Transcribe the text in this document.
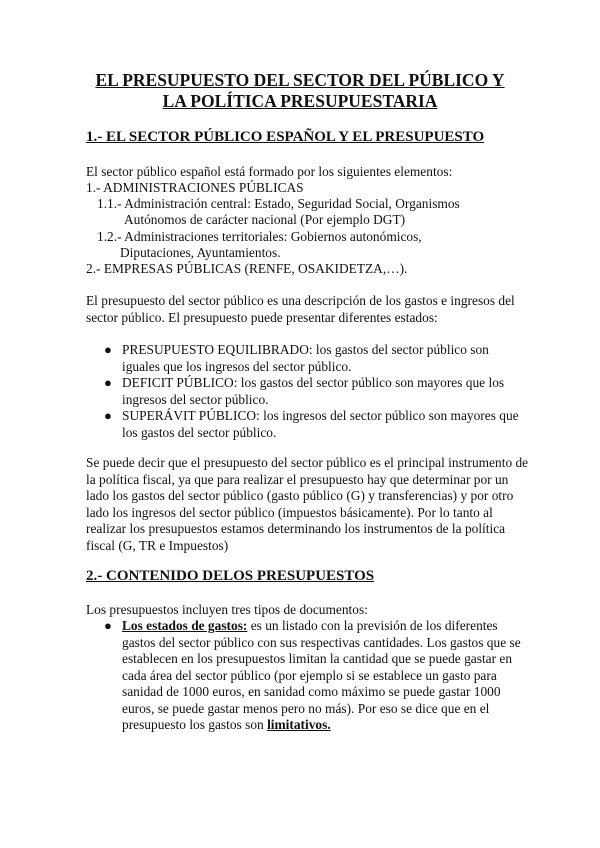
EL PRESUPUESTO DEL SECTOR DEL PÚBLICO Y
LA POLÍTICA PRESUPUESTARIA
1.- EL SECTOR PÚBLICO ESPAÑOL Y EL PRESUPUESTO
El sector público español está formado por los siguientes elementos:
1.- ADMINISTRACIONES PÚBLICAS
1.1.- Administración central: Estado, Seguridad Social, Organismos
Autónomos de carácter nacional (Por ejemplo DGT)
1.2.- Administraciones territoriales: Gobiernos autonómicos,
Diputaciones, Ayuntamientos.
2.- EMPRESAS PÚBLICAS (RENFE, OSAKIDETZA,…).
El presupuesto del sector público es una descripción de los gastos e ingresos del sector público. El presupuesto puede presentar diferentes estados:
● PRESUPUESTO EQUILIBRADO: los gastos del sector público son iguales que los ingresos del sector público.
● DEFICIT PÚBLICO: los gastos del sector público son mayores que los ingresos del sector público.
● SUPERÁVIT PÚBLICO: los ingresos del sector público son mayores que los gastos del sector público.
Se puede decir que el presupuesto del sector público es el principal instrumento de la política fiscal, ya que para realizar el presupuesto hay que determinar por un lado los gastos del sector público (gasto público (G) y transferencias) y por otro lado los ingresos del sector público (impuestos básicamente). Por lo tanto al realizar los presupuestos estamos determinando los instrumentos de la política fiscal (G, TR e Impuestos)
2.- CONTENIDO DELOS PRESUPUESTOS
Los presupuestos incluyen tres tipos de documentos:
● Los estados de gastos: es un listado con la previsión de los diferentes gastos del sector público con sus respectivas cantidades. Los gastos que se establecen en los presupuestos limitan la cantidad que se puede gastar en cada área del sector público (por ejemplo si se establece un gasto para sanidad de 1000 euros, en sanidad como máximo se puede gastar 1000 euros, se puede gastar menos pero no más). Por eso se dice que en el presupuesto los gastos son limitativos.
